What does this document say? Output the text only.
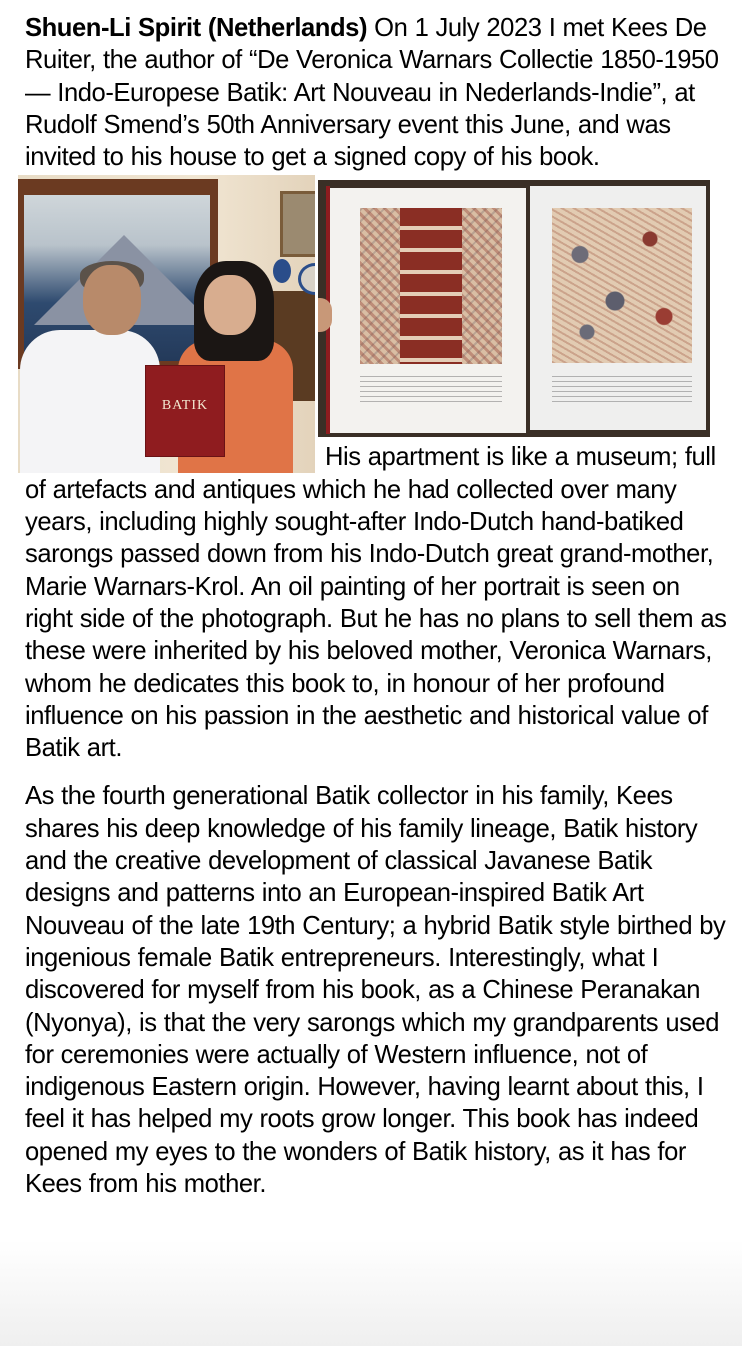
Shuen-Li Spirit (Netherlands) On 1 July 2023 I met Kees De Ruiter, the author of “De Veronica Warnars Collectie 1850-1950 — Indo-Europese Batik: Art Nouveau in Nederlands-Indie”, at Rudolf Smend’s 50th Anniversary event this June, and was invited to his house to get a signed copy of his book.

BATIK

His apartment is like a museum; full of artefacts and antiques which he had collected over many years, including highly sought-after Indo-Dutch hand-batiked sarongs passed down from his Indo-Dutch great grand-mother, Marie Warnars-Krol. An oil painting of her portrait is seen on right side of the photograph. But he has no plans to sell them as these were inherited by his beloved mother, Veronica Warnars, whom he dedicates this book to, in honour of her profound influence on his passion in the aesthetic and historical value of Batik art.

As the fourth generational Batik collector in his family, Kees shares his deep knowledge of his family lineage, Batik history and the creative development of classical Javanese Batik designs and patterns into an European-inspired Batik Art Nouveau of the late 19th Century; a hybrid Batik style birthed by ingenious female Batik entrepreneurs. Interestingly, what I discovered for myself from his book, as a Chinese Peranakan (Nyonya), is that the very sarongs which my grandparents used for ceremonies were actually of Western influence, not of indigenous Eastern origin. However, having learnt about this, I feel it has helped my roots grow longer. This book has indeed opened my eyes to the wonders of Batik history, as it has for Kees from his mother.
